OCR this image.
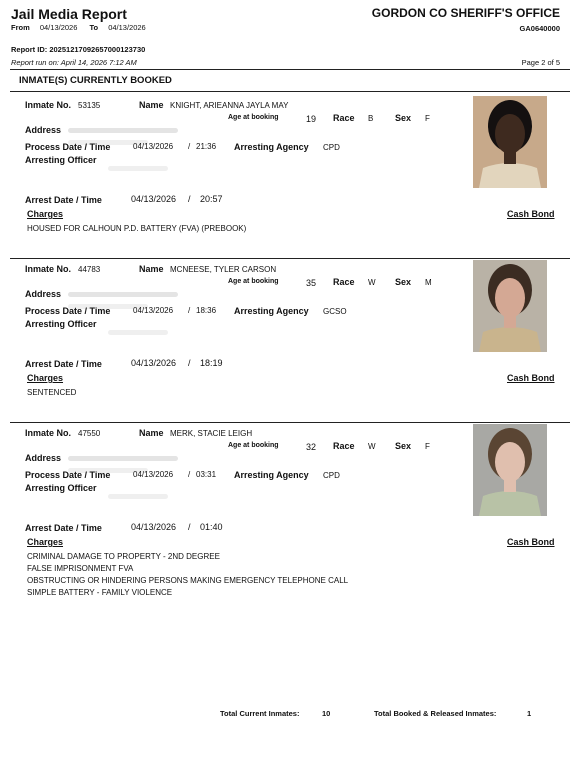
Jail Media Report
From 04/13/2026 To 04/13/2026
GORDON CO SHERIFF'S OFFICE
GA0640000
Report ID: 20251217092657000123730
Report run on: April 14, 2026 7:12 AM	Page 2 of 5
INMATE(S) CURRENTLY BOOKED
Inmate No. 53135	Name KNIGHT, ARIEANNA JAYLA MAY
Age at booking	19 Race B Sex F
Address
Process Date / Time	04/13/2026 / 21:36 Arresting Agency CPD
Arresting Officer
Arrest Date / Time	04/13/2026 / 20:57
Charges	Cash Bond
HOUSED FOR CALHOUN P.D. BATTERY (FVA) (PREBOOK)
Inmate No. 44783	Name MCNEESE, TYLER CARSON
Age at booking	35 Race W Sex M
Address
Process Date / Time	04/13/2026 / 18:36 Arresting Agency GCSO
Arresting Officer
Arrest Date / Time	04/13/2026 / 18:19
Charges	Cash Bond
SENTENCED
Inmate No. 47550	Name MERK, STACIE LEIGH
Age at booking	32 Race W Sex F
Address
Process Date / Time	04/13/2026 / 03:31 Arresting Agency CPD
Arresting Officer
Arrest Date / Time	04/13/2026 / 01:40
Charges	Cash Bond
CRIMINAL DAMAGE TO PROPERTY - 2ND DEGREE
FALSE IMPRISONMENT FVA
OBSTRUCTING OR HINDERING PERSONS MAKING EMERGENCY TELEPHONE CALL
SIMPLE BATTERY - FAMILY VIOLENCE
Total Current Inmates:	10	Total Booked & Released Inmates:	1
